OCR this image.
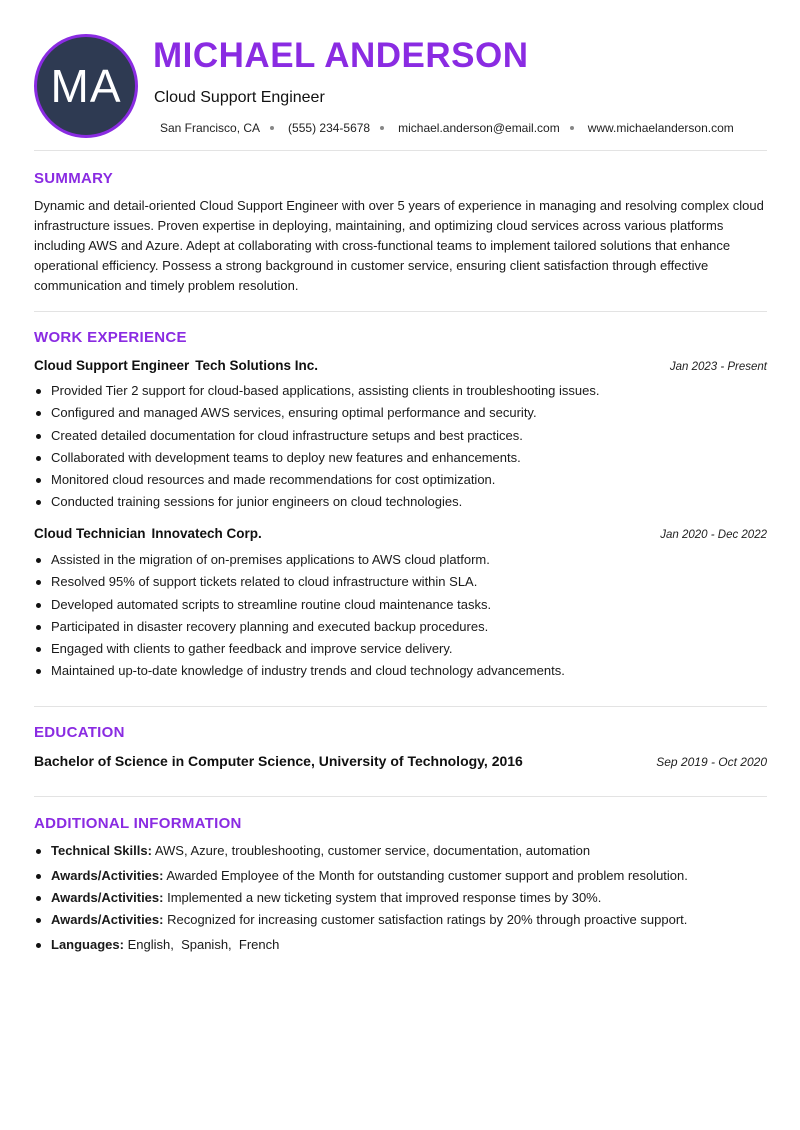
MA
MICHAEL ANDERSON
Cloud Support Engineer
San Francisco, CA (555) 234-5678 michael.anderson@email.com www.michaelanderson.com
SUMMARY
Dynamic and detail-oriented Cloud Support Engineer with over 5 years of experience in managing and resolving complex cloud infrastructure issues. Proven expertise in deploying, maintaining, and optimizing cloud services across various platforms including AWS and Azure. Adept at collaborating with cross-functional teams to implement tailored solutions that enhance operational efficiency. Possess a strong background in customer service, ensuring client satisfaction through effective communication and timely problem resolution.
WORK EXPERIENCE
Cloud Support Engineer Tech Solutions Inc.	Jan 2023 - Present
Provided Tier 2 support for cloud-based applications, assisting clients in troubleshooting issues.
Configured and managed AWS services, ensuring optimal performance and security.
Created detailed documentation for cloud infrastructure setups and best practices.
Collaborated with development teams to deploy new features and enhancements.
Monitored cloud resources and made recommendations for cost optimization.
Conducted training sessions for junior engineers on cloud technologies.
Cloud Technician Innovatech Corp.	Jan 2020 - Dec 2022
Assisted in the migration of on-premises applications to AWS cloud platform.
Resolved 95% of support tickets related to cloud infrastructure within SLA.
Developed automated scripts to streamline routine cloud maintenance tasks.
Participated in disaster recovery planning and executed backup procedures.
Engaged with clients to gather feedback and improve service delivery.
Maintained up-to-date knowledge of industry trends and cloud technology advancements.
EDUCATION
Bachelor of Science in Computer Science, University of Technology, 2016	Sep 2019 - Oct 2020
ADDITIONAL INFORMATION
Technical Skills: AWS, Azure, troubleshooting, customer service, documentation, automation
Awards/Activities: Awarded Employee of the Month for outstanding customer support and problem resolution.
Awards/Activities: Implemented a new ticketing system that improved response times by 30%.
Awards/Activities: Recognized for increasing customer satisfaction ratings by 20% through proactive support.
Languages: English,  Spanish,  French
